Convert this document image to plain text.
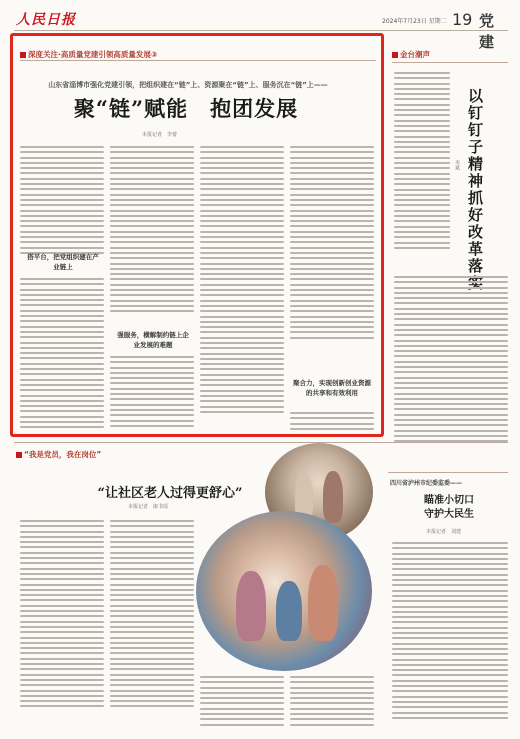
人民日报	2024年7月23日 星期二 19 党建
深度关注·高质量党建引领高质量发展③
山东省淄博市强化党建引领，把组织建在“链”上、资源聚在“链”上、服务沉在“链”上——
聚“链”赋能　抱团发展
本报记者　李蕾
搭平台，把党组织建在产业链上
强服务，横解制约链上企业发展的难题
聚合力，实现创新创业资源的共享和有效利用
金台潮声
以钉钉子精神抓好改革落
李斌
“我是党员，我在岗位”
“让社区老人过得更舒心”
本报记者　康书瑶
四川省泸州市纪委监委——
瞄准小切口
守护大民生
本报记者　刘建
